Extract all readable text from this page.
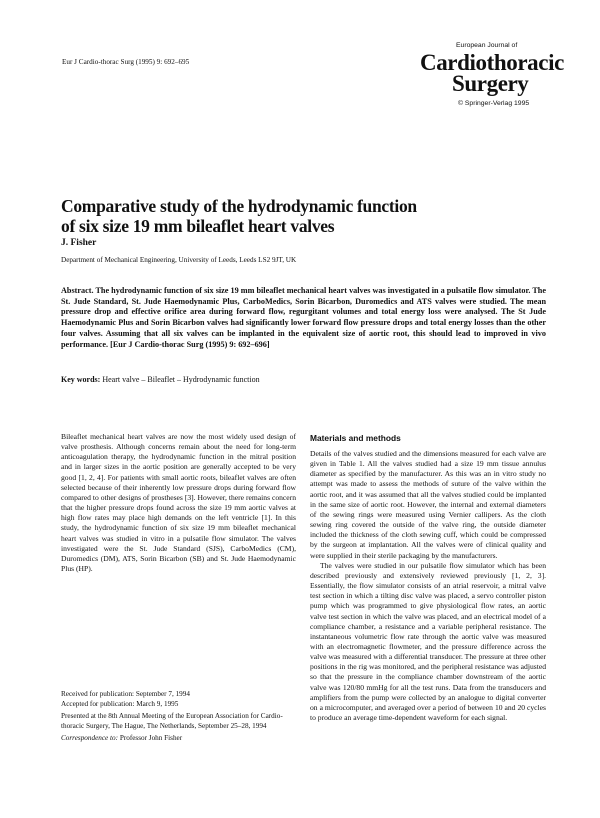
Eur J Cardio-thorac Surg (1995) 9: 692–695
European Journal of
Cardiothoracic
Surgery
© Springer-Verlag 1995
Comparative study of the hydrodynamic function
of six size 19 mm bileaflet heart valves
J. Fisher
Department of Mechanical Engineering, University of Leeds, Leeds LS2 9JT, UK
Abstract. The hydrodynamic function of six size 19 mm bileaflet mechanical heart valves was investigated in a pulsatile flow simulator. The St. Jude Standard, St. Jude Haemodynamic Plus, CarboMedics, Sorin Bicarbon, Duromedics and ATS valves were studied. The mean pressure drop and effective orifice area during forward flow, regurgitant volumes and total energy loss were analysed. The St Jude Haemodynamic Plus and Sorin Bicarbon valves had significantly lower forward flow pressure drops and total energy losses than the other four valves. Assuming that all six valves can be implanted in the equivalent size of aortic root, this should lead to improved in vivo performance. [Eur J Cardio-thorac Surg (1995) 9: 692–696]
Key words: Heart valve – Bileaflet – Hydrodynamic function

Bileaflet mechanical heart valves are now the most widely used design of valve prosthesis. Although concerns remain about the need for long-term anticoagulation therapy, the hydrodynamic function in the mitral position and in larger sizes in the aortic position are generally accepted to be very good [1, 2, 4]. For patients with small aortic roots, bileaflet valves are often selected because of their inherently low pressure drops during forward flow compared to other designs of prostheses [3]. However, there remains concern that the higher pressure drops found across the size 19 mm aortic valves at high flow rates may place high demands on the left ventricle [1]. In this study, the hydrodynamic function of six size 19 mm bileaflet mechanical heart valves was studied in vitro in a pulsatile flow simulator. The valves investigated were the St. Jude Standard (SJS), CarboMedics (CM), Duromedics (DM), ATS, Sorin Bicarbon (SB) and St. Jude Haemodynamic Plus (HP).

Received for publication: September 7, 1994
Accepted for publication: March 9, 1995
Presented at the 8th Annual Meeting of the European Association for Cardio-thoracic Surgery, The Hague, The Netherlands, September 25–28, 1994
Correspondence to: Professor John Fisher
Materials and methods

Details of the valves studied and the dimensions measured for each valve are given in Table 1. All the valves studied had a size 19 mm tissue annulus diameter as specified by the manufacturer. As this was an in vitro study no attempt was made to assess the methods of suture of the valve within the aortic root, and it was assumed that all the valves studied could be implanted in the same size of aortic root. However, the internal and external diameters of the sewing rings were measured using Vernier callipers. As the cloth sewing ring covered the outside of the valve ring, the outside diameter included the thickness of the cloth sewing cuff, which could be compressed by the surgeon at implantation. All the valves were of clinical quality and were supplied in their sterile packaging by the manufacturers.

The valves were studied in our pulsatile flow simulator which has been described previously and extensively reviewed previously [1, 2, 3]. Essentially, the flow simulator consists of an atrial reservoir, a mitral valve test section in which a tilting disc valve was placed, a servo controller piston pump which was programmed to give physiological flow rates, an aortic valve test section in which the valve was placed, and an electrical model of a compliance chamber, a resistance and a variable peripheral resistance. The instantaneous volumetric flow rate through the aortic valve was measured with an electromagnetic flowmeter, and the pressure difference across the valve was measured with a differential transducer. The pressure at three other positions in the rig was monitored, and the peripheral resistance was adjusted so that the pressure in the compliance chamber downstream of the aortic valve was 120/80 mmHg for all the test runs. Data from the transducers and amplifiers from the pump were collected by an analogue to digital converter on a microcomputer, and averaged over a period of between 10 and 20 cycles to produce an average time-dependent waveform for each signal.
